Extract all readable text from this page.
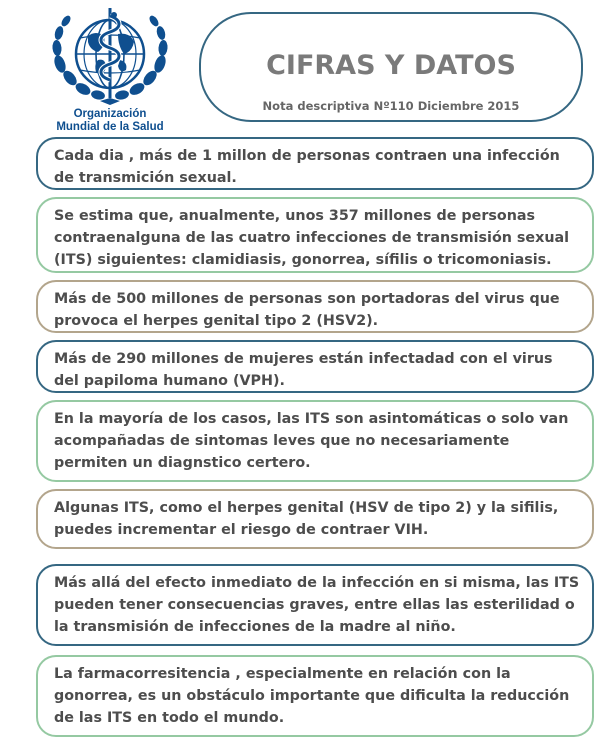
Organización
Mundial de la Salud
CIFRAS Y DATOS
Nota descriptiva Nº110 Diciembre 2015
Cada dia , más de 1 millon de personas contraen una infección de transmición sexual.
Se estima que, anualmente, unos 357 millones de personas contraenalguna de las cuatro infecciones de transmisión sexual (ITS) siguientes: clamidiasis, gonorrea, sífilis o tricomoniasis.
Más de 500 millones de personas son portadoras del virus que provoca el herpes genital tipo 2 (HSV2).
Más de 290 millones de mujeres están infectadad con el virus del papiloma humano (VPH).
En la mayoría de los casos, las ITS son asintomáticas o solo van acompañadas de sintomas leves que no necesariamente permiten un diagnstico certero.
Algunas ITS, como el herpes genital (HSV de tipo 2) y la sifilis, puedes incrementar el riesgo de contraer VIH.
Más allá del efecto inmediato de la infección en si misma, las ITS pueden tener consecuencias graves, entre ellas las esterilidad o la transmisión de infecciones de la madre al niño.
La farmacorresitencia , especialmente en relación con la gonorrea, es un obstáculo importante que dificulta la reducción de las ITS en todo el mundo.
